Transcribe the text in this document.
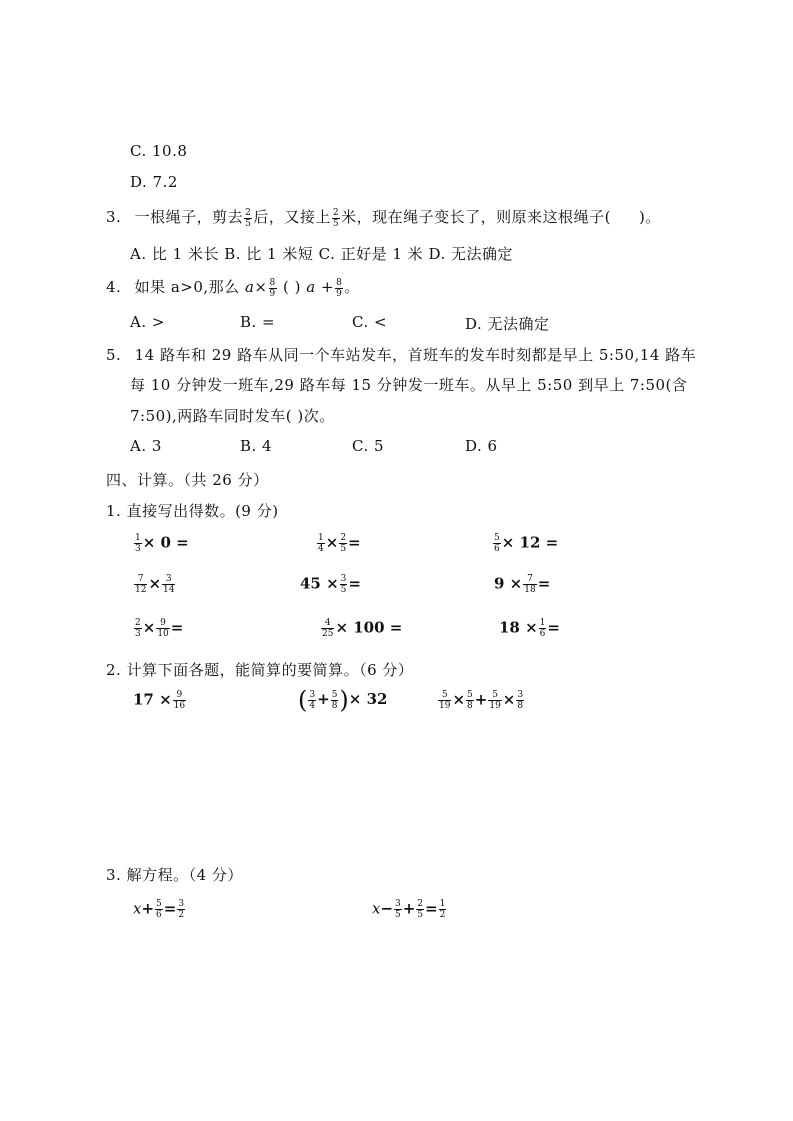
C. 10.8
D. 7.2
3. 一根绳子，剪去 $\frac{2}{5}$ 后，又接上 $\frac{2}{5}$ 米，现在绳子变长了，则原来这根绳子( )。
A. 比 1 米长 B. 比 1 米短 C. 正好是 1 米 D. 无法确定
4. 如果 a>0,那么 $a\times \frac{8}{9}$ ( ) $a + \frac{8}{9}$ 。
A. >	B. =	C. <	D. 无法确定
5. 14 路车和 29 路车从同一个车站发车，首班车的发车时刻都是早上 5:50,14 路车
每 10 分钟发一班车,29 路车每 15 分钟发一班车。从早上 5:50 到早上 7:50(含
7:50),两路车同时发车( )次。
A. 3	B. 4	C. 5	D. 6
四、计算。（共 26 分）
1. 直接写出得数。(9 分)
$\frac{1}{3} \times 0$ =	$\frac{1}{4} \times \frac{2}{5}$ =	$\frac{5}{6} \times 12$ =
$\frac{7}{12} \times \frac{3}{14}$	$45 \times \frac{3}{5}$ =	$9 \times \frac{7}{18}$ =
$\frac{2}{3} \times \frac{9}{10}$ =	$\frac{4}{25} \times 100$ =	$18 \times \frac{1}{6}$ =
2. 计算下面各题，能简算的要简算。（6 分）
$17 \times \frac{9}{16}$	( $\frac{3}{4} + \frac{5}{8}$ )× 32	$\frac{5}{19} \times \frac{5}{8} + \frac{5}{19} \times \frac{3}{8}$
3. 解方程。（4 分）
$x+ \frac{5}{6} = \frac{3}{2}$	$x- \frac{3}{5} + \frac{2}{5} = \frac{1}{2}$
